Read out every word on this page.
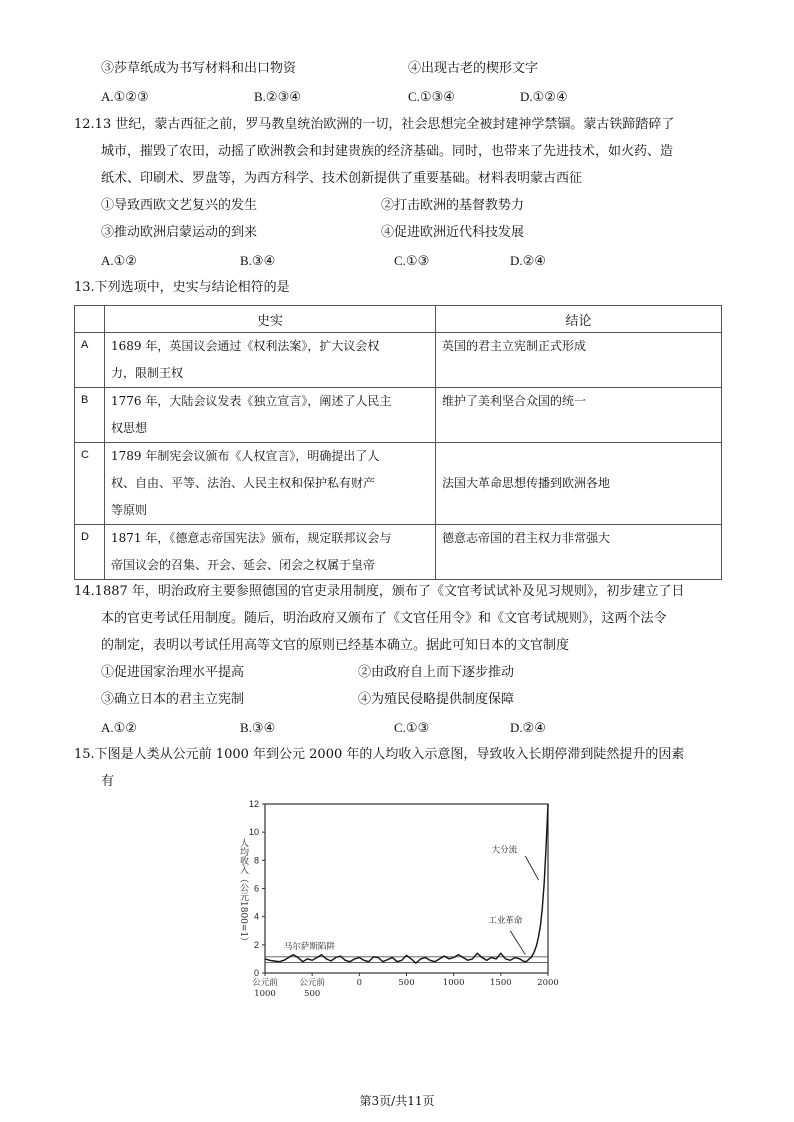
③莎草纸成为书写材料和出口物资	④出现古老的楔形文字
A.①②③	B.②③④	C.①③④	D.①②④
12.13 世纪，蒙古西征之前，罗马教皇统治欧洲的一切，社会思想完全被封建神学禁锢。蒙古铁蹄踏碎了
城市，摧毁了农田，动摇了欧洲教会和封建贵族的经济基础。同时，也带来了先进技术，如火药、造
纸术、印刷术、罗盘等，为西方科学、技术创新提供了重要基础。材料表明蒙古西征
①导致西欧文艺复兴的发生	②打击欧洲的基督教势力
③推动欧洲启蒙运动的到来	④促进欧洲近代科技发展
A.①②	B.③④	C.①③	D.②④
13.下列选项中，史实与结论相符的是
	史实	结论
A	1689 年，英国议会通过《权利法案》，扩大议会权
力，限制王权	英国的君主立宪制正式形成
B	1776 年，大陆会议发表《独立宣言》，阐述了人民主
权思想	维护了美利坚合众国的统一
C	1789 年制宪会议颁布《人权宣言》，明确提出了人
权、自由、平等、法治、人民主权和保护私有财产
等原则	法国大革命思想传播到欧洲各地
D	1871 年，《德意志帝国宪法》颁布，规定联邦议会与
帝国议会的召集、开会、延会、闭会之权属于皇帝	德意志帝国的君主权力非常强大
14.1887 年，明治政府主要参照德国的官吏录用制度，颁布了《文官考试试补及见习规则》，初步建立了日
本的官吏考试任用制度。随后，明治政府又颁布了《文官任用令》和《文官考试规则》，这两个法令
的制定，表明以考试任用高等文官的原则已经基本确立。据此可知日本的文官制度
①促进国家治理水平提高	②由政府自上而下逐步推动
③确立日本的君主立宪制	④为殖民侵略提供制度保障
A.①②	B.③④	C.①③	D.②④
15.下图是人类从公元前 1000 年到公元 2000 年的人均收入示意图，导致收入长期停滞到陡然提升的因素
有
0
2
4
6
8
10
12
公元前
1000
公元前
500
0	500	1000	1500	2000
人均收入（公元1800=1）
马尔萨斯陷阱
工业革命
大分流
第3页/共11页
